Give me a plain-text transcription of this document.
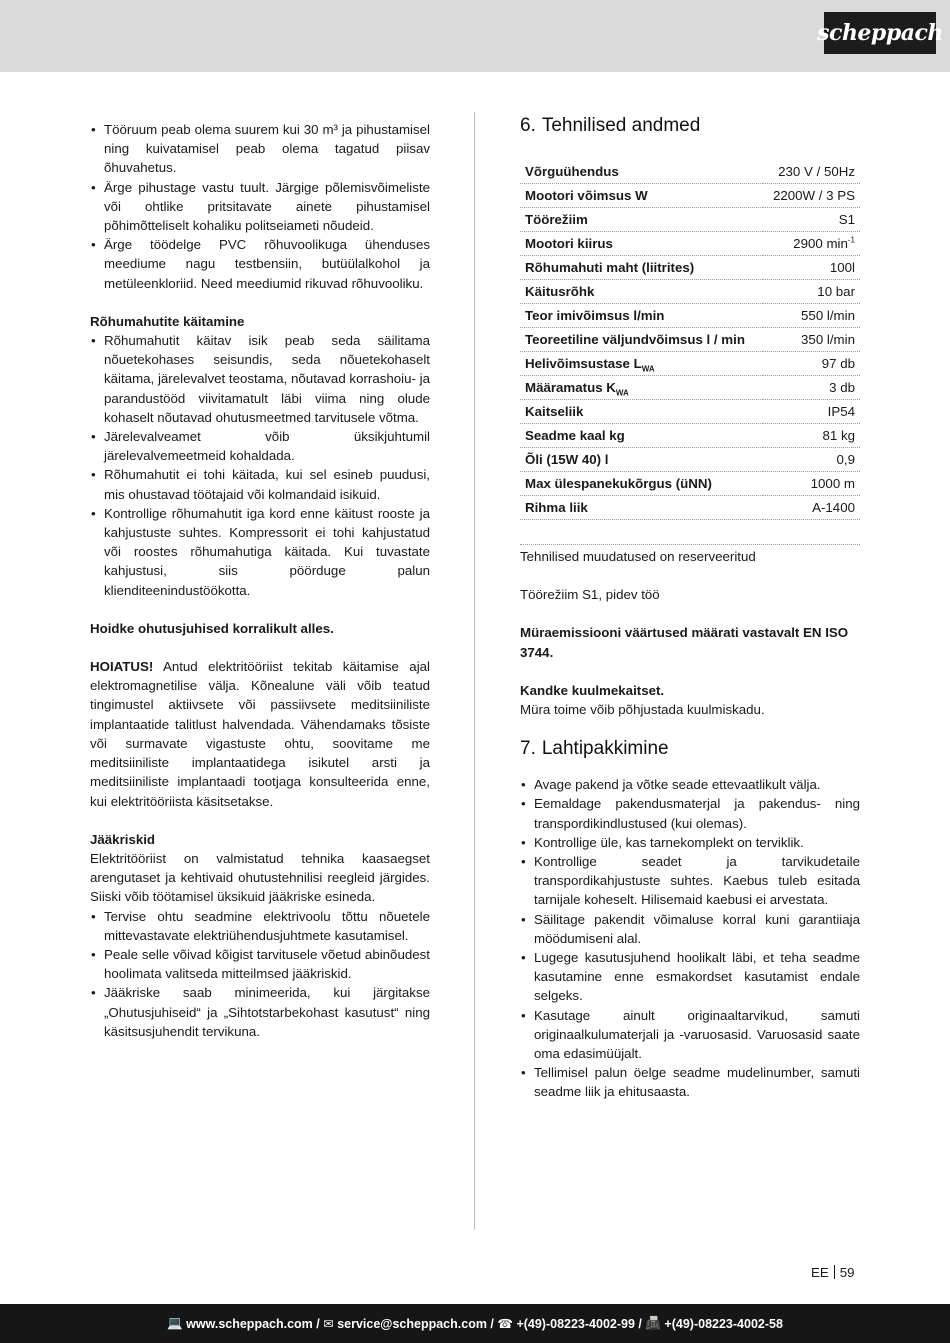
scheppach
• Tööruum peab olema suurem kui 30 m³ ja pihustamisel ning kuivatamisel peab olema tagatud piisav õhuvahetus.
• Ärge pihustage vastu tuult. Järgige põlemisvõimeliste või ohtlike pritsitavate ainete pihustamisel põhimõtteliselt kohaliku politseiameti nõudeid.
• Ärge töödelge PVC rõhuvoolikuga ühenduses meediume nagu testbensiin, butüülalkohol ja metüleenkloriid. Need meediumid rikuvad rõhuvooliku.

Rõhumahutite käitamine

• Rõhumahutit käitav isik peab seda säilitama nõuetekohases seisundis, seda nõuetekohaselt käitama, järelevalvet teostama, nõutavad korrashoiu- ja parandustööd viivitamatult läbi viima ning olude kohaselt nõutavad ohutusmeetmed tarvitusele võtma.
• Järelevalveamet võib üksikjuhtumil järelevalvemeetmeid kohaldada.
• Rõhumahutit ei tohi käitada, kui sel esineb puudusi, mis ohustavad töötajaid või kolmandaid isikuid.
• Kontrollige rõhumahutit iga kord enne käitust rooste ja kahjustuste suhtes. Kompressorit ei tohi kahjustatud või roostes rõhumahutiga käitada. Kui tuvastate kahjustusi, siis pöörduge palun klienditeenindustöökotta.

Hoidke ohutusjuhised korralikult alles.

HOIATUS! Antud elektritööriist tekitab käitamise ajal elektromagnetilise välja. Kõnealune väli võib teatud tingimustel aktiivsete või passiivsete meditsiiniliste implantaatide talitlust halvendada. Vähendamaks tõsiste või surmavate vigastuste ohtu, soovitame me meditsiiniliste implantaatidega isikutel arsti ja meditsiiniliste implantaadi tootjaga konsulteerida enne, kui elektritööriista käsitsetakse.

Jääkriskid

Elektritööriist on valmistatud tehnika kaasaegset arengutaset ja kehtivaid ohutustehnilisi reegleid järgides. Siiski võib töötamisel üksikuid jääkriske esineda.

• Tervise ohtu seadmine elektrivoolu tõttu nõuetele mittevastavate elektriühendusjuhtmete kasutamisel.
• Peale selle võivad kõigist tarvitusele võetud abinõudest hoolimata valitseda mitteilmsed jääkriskid.
• Jääkriske saab minimeerida, kui järgitakse „Ohutusjuhiseid“ ja „Sihtotstarbekohast kasutust“ ning käsitsusjuhendit tervikuna.
6. Tehnilised andmed
Võrguühendus	230 V / 50Hz
Mootori võimsus W	2200W / 3 PS
Töörežiim	S1
Mootori kiirus	2900 $\min^{-1}$
Rõhumahuti maht (liitrites)	100l
Käitusrõhk	10 bar
Teor imivõimsus l/min	550 l/min
Teoreetiline väljundvõimsus l / min	350 l/min
Helivõimsustase $L_{WA}$	97 db
Määramatus $K_{WA}$	3 db
Kaitseliik	IP54
Seadme kaal kg	81 kg
Õli (15W 40) l	0,9
Max ülespanekukõrgus (üNN)	1000 m
Rihma liik	A-1400

Tehnilised muudatused on reserveeritud

Töörežiim S1, pidev töö

Müraemissiooni väärtused määrati vastavalt EN ISO 3744.

Kandke kuulmekaitset.

Müra toime võib põhjustada kuulmiskadu.

7. Lahtipakkimine
• Avage pakend ja võtke seade ettevaatlikult välja.
• Eemaldage pakendusmaterjal ja pakendus- ning transpordikindlustused (kui olemas).
• Kontrollige üle, kas tarnekomplekt on terviklik.
• Kontrollige seadet ja tarvikudetaile transpordikahjustuste suhtes. Kaebus tuleb esitada tarnijale koheselt. Hilisemaid kaebusi ei arvestata.
• Säilitage pakendit võimaluse korral kuni garantiiaja möödumiseni alal.
• Lugege kasutusjuhend hoolikalt läbi, et teha seadme kasutamine enne esmakordset kasutamist endale selgeks.
• Kasutage ainult originaaltarvikud, samuti originaalkulumaterjali ja -varuosasid. Varuosasid saate oma edasimüüjalt.
• Tellimisel palun öelge seadme mudelinumber, samuti seadme liik ja ehitusaasta.
EE 59
💻
www.scheppach.com / ✉
service@scheppach.com / ☎
+(49)-08223-4002-99 / 📠
+(49)-08223-4002-58
